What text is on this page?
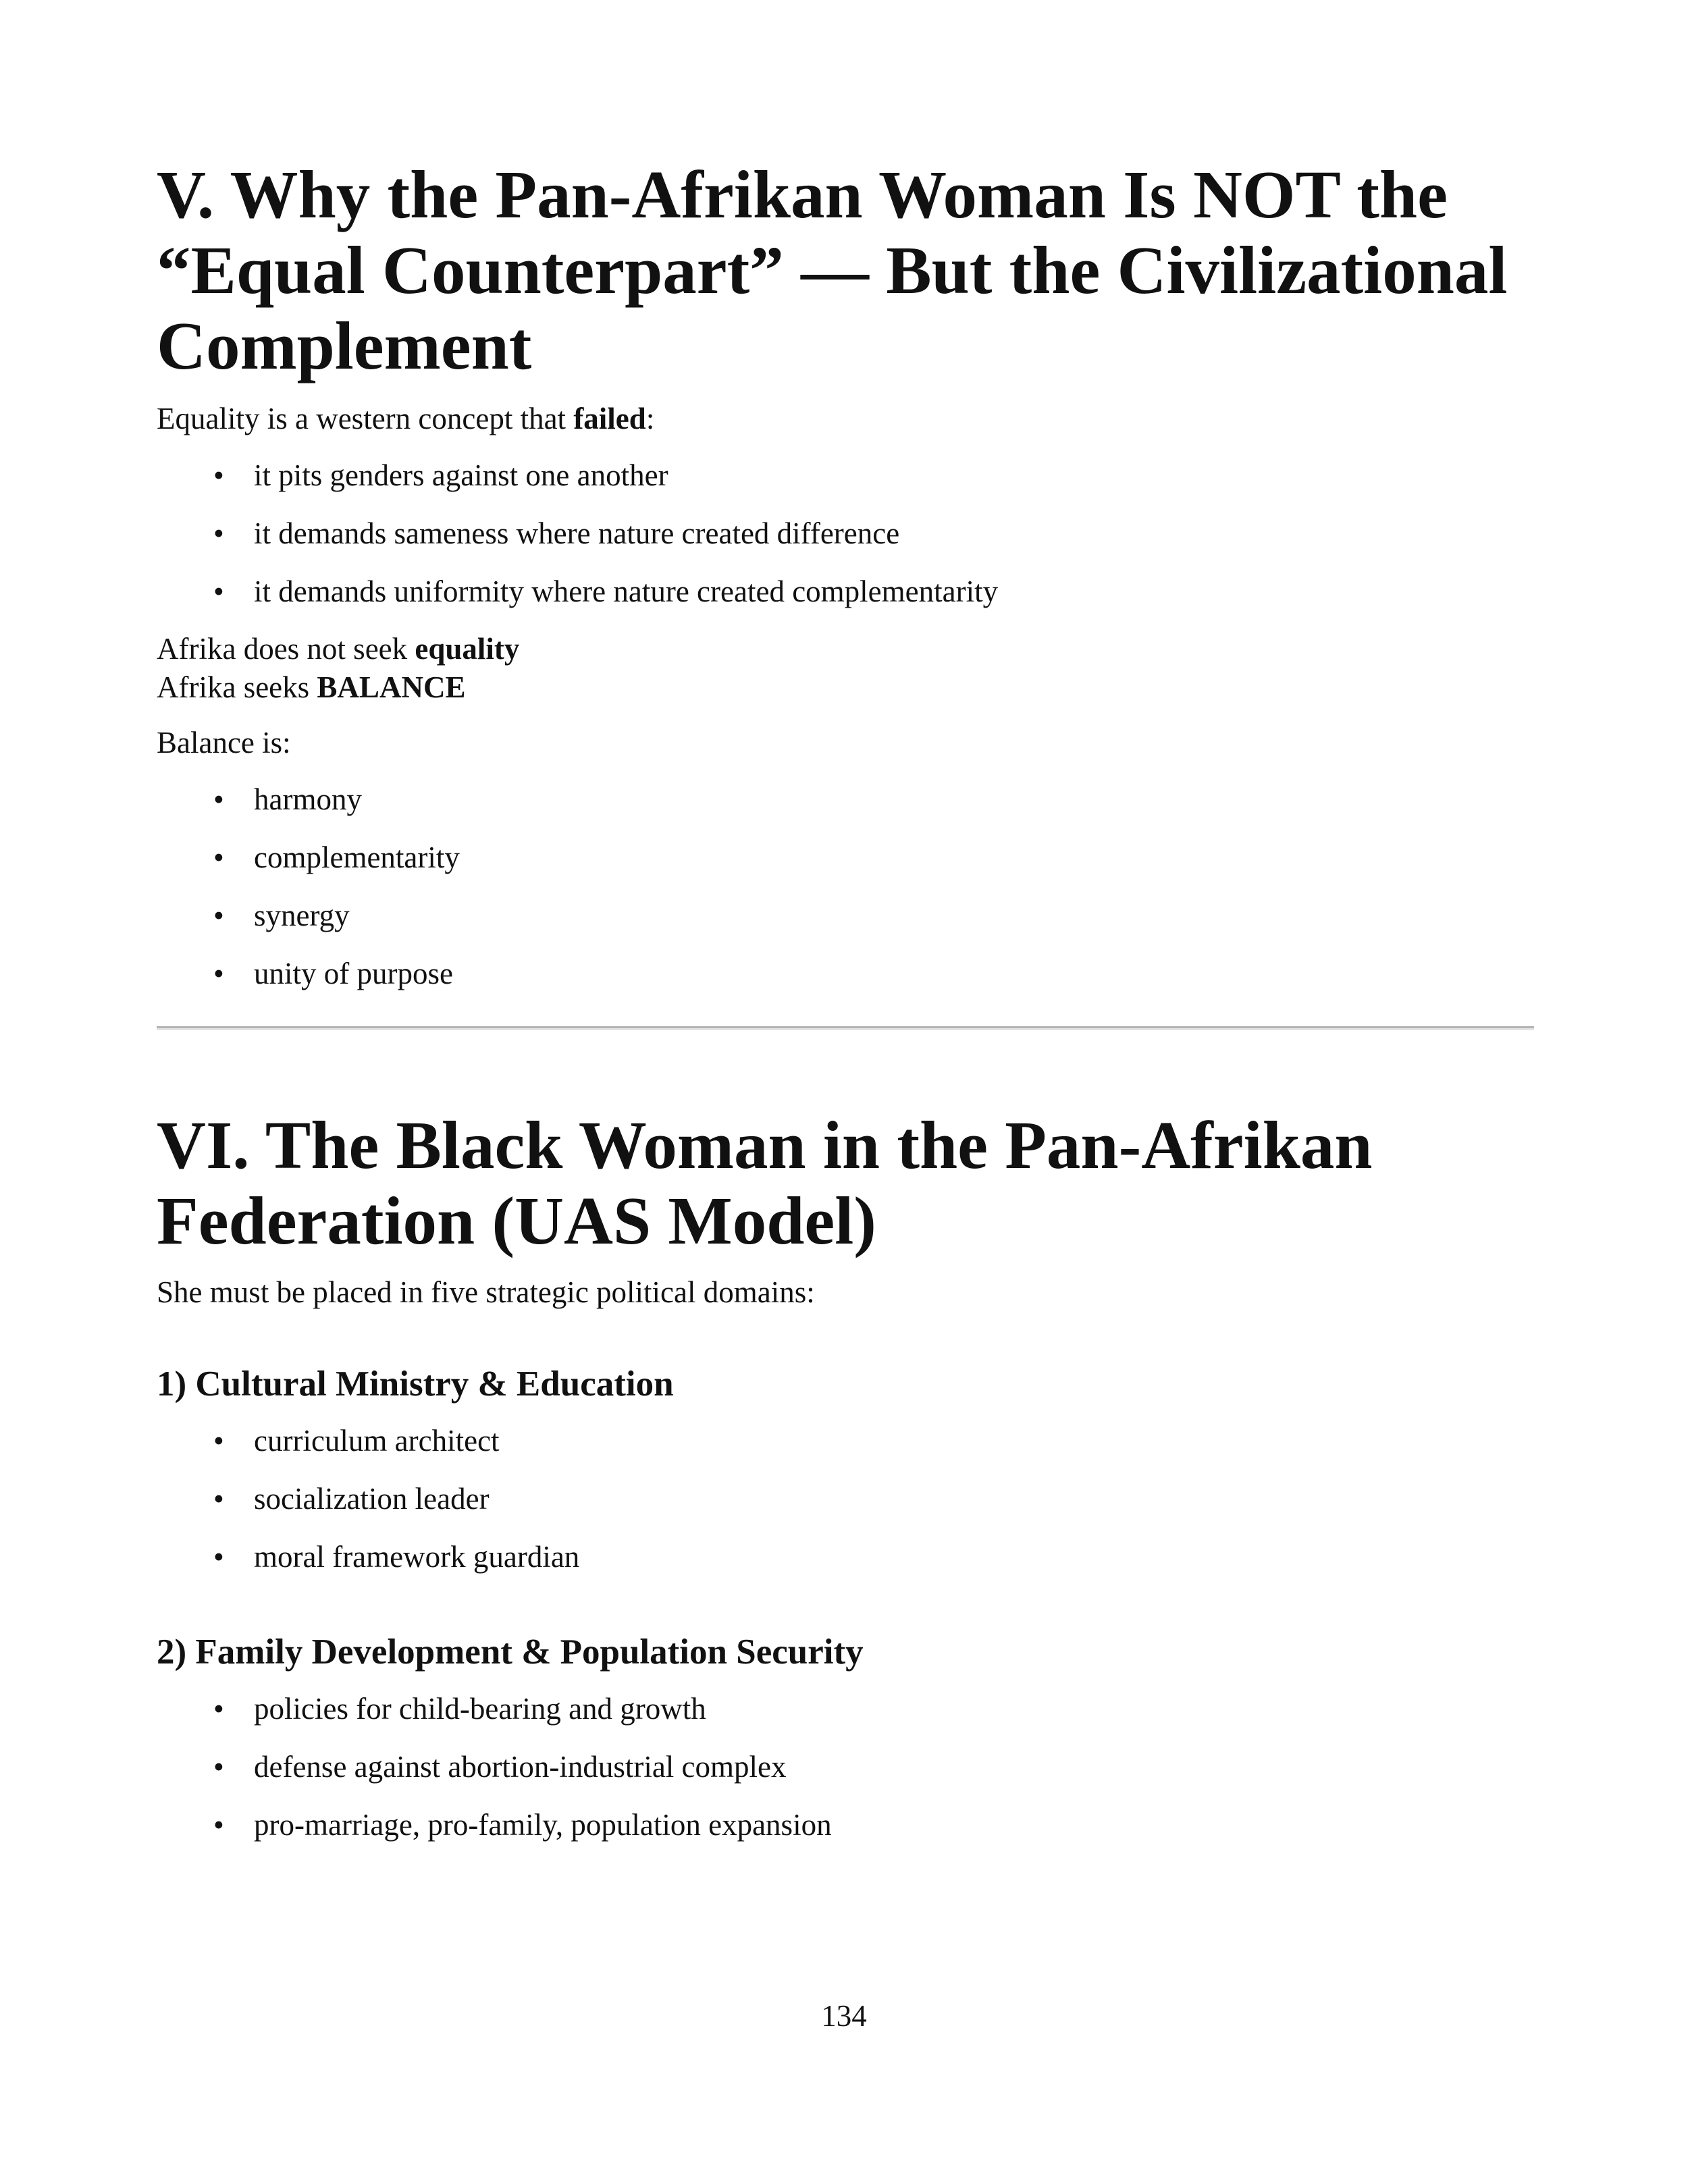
V. Why the Pan-Afrikan Woman Is NOT the “Equal Counterpart” — But the Civilizational Complement

Equality is a western concept that failed:

• it pits genders against one another
• it demands sameness where nature created difference
• it demands uniformity where nature created complementarity

Afrika does not seek equality

Afrika seeks BALANCE

Balance is:

• harmony
• complementarity
• synergy
• unity of purpose
VI. The Black Woman in the Pan-Afrikan Federation (UAS Model)

She must be placed in five strategic political domains:

1) Cultural Ministry & Education
• curriculum architect
• socialization leader
• moral framework guardian
2) Family Development & Population Security
• policies for child-bearing and growth
• defense against abortion-industrial complex
• pro-marriage, pro-family, population expansion
134
